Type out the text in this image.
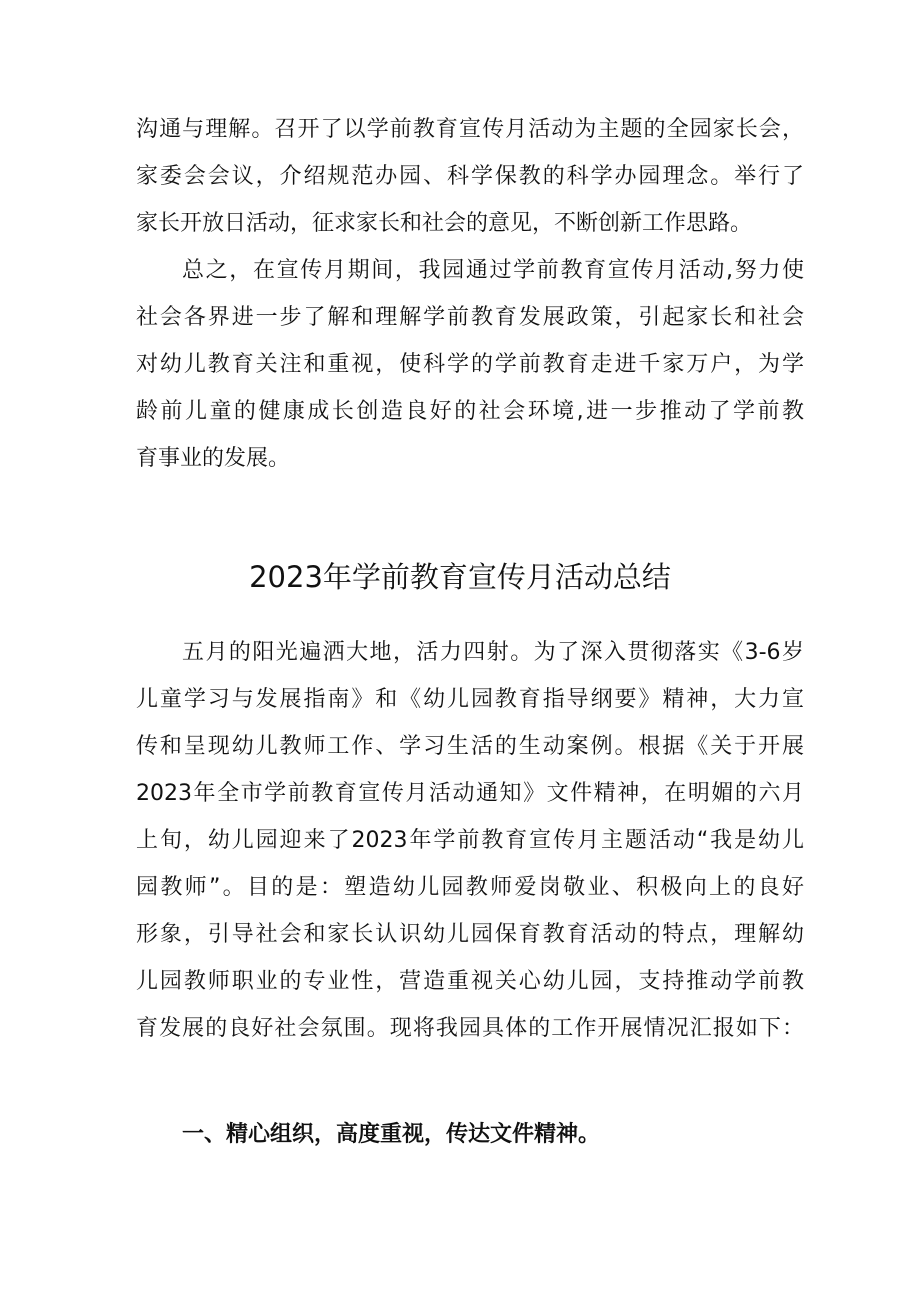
沟通与理解。召开了以学前教育宣传月活动为主题的全园家长会，
家委会会议，介绍规范办园、科学保教的科学办园理念。举行了
家长开放日活动，征求家长和社会的意见，不断创新工作思路。
总之，在宣传月期间，我园通过学前教育宣传月活动,努力使
社会各界进一步了解和理解学前教育发展政策，引起家长和社会
对幼儿教育关注和重视，使科学的学前教育走进千家万户，为学
龄前儿童的健康成长创造良好的社会环境,进一步推动了学前教
育事业的发展。
2023年学前教育宣传月活动总结
五月的阳光遍洒大地，活力四射。为了深入贯彻落实《3-6岁
儿童学习与发展指南》和《幼儿园教育指导纲要》精神，大力宣
传和呈现幼儿教师工作、学习生活的生动案例。根据《关于开展
2023年全市学前教育宣传月活动通知》文件精神，在明媚的六月
上旬，幼儿园迎来了2023年学前教育宣传月主题活动“我是幼儿
园教师”。目的是：塑造幼儿园教师爱岗敬业、积极向上的良好
形象，引导社会和家长认识幼儿园保育教育活动的特点，理解幼
儿园教师职业的专业性，营造重视关心幼儿园，支持推动学前教
育发展的良好社会氛围。现将我园具体的工作开展情况汇报如下：
一、精心组织，高度重视，传达文件精神。
